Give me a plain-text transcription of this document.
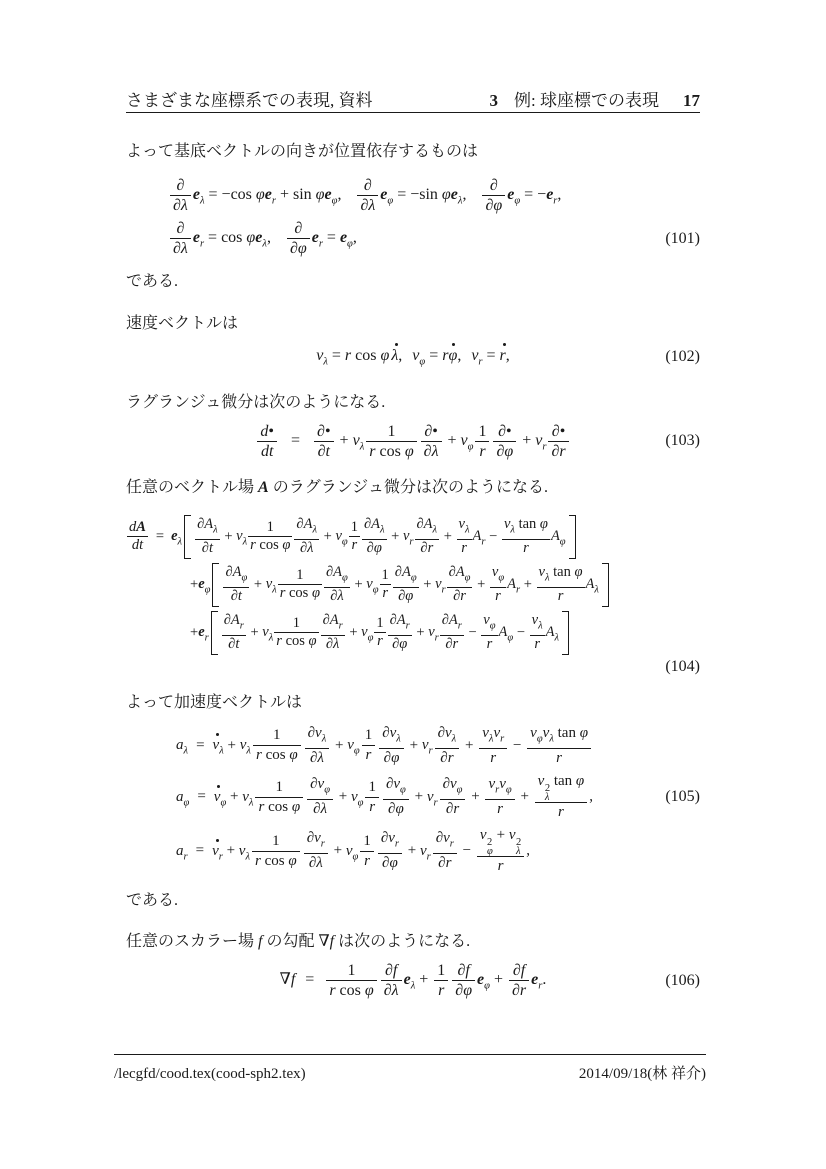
さまざまな座標系での表現, 資料	3 例: 球座標での表現 17
よって基底ベクトルの向きが位置依存するものは
$\frac{\partial}{\partial\lambda} e_\lambda = -\cos$ $\varphi e_r + \sin \varphi e_\varphi$, $\frac{\partial}{\partial\lambda} e_\varphi = -\sin$ $\varphi e_\lambda$, $\frac{\partial}{\partial\varphi} e_\varphi = -e_r$,
$\frac{\partial}{\partial\lambda} e_r = \cos \varphi e_\lambda$, $\frac{\partial}{\partial\varphi} e_r = e_\varphi$,	(101)
である.
速度ベクトルは
$v_\lambda = r$ cos φ λ
, $v_\varphi = r\varphi$
, $v_r = r$
,	(102)
ラグランジュ微分は次のようになる.
$\frac{d•}{dt} = \frac{\partial•}{\partial t} + v_\lambda \frac{1}{\text{r cos φ}} \frac{\partial•}{\partial\lambda} + v_\varphi \frac{1}{r} \frac{\partial•}{\partial\varphi} + v_r \frac{\partial•}{\partial r}$	(103)
任意のベクトル場 A のラグランジュ微分は次のようになる.
$\frac{dA}{dt} = e_\lambda \frac{\partial A_\lambda}{\partial t} + v_\lambda \frac{1}{\text{r cos φ}} \frac{\partial A_\lambda}{\partial\lambda} + v_\varphi \frac{1}{r} \frac{\partial A_\lambda}{\partial\varphi} + v_r \frac{\partial A_\lambda}{\partial r} + \frac{v_\lambda}{r} A_r - \frac{v_\lambda \tan \varphi}{r} A_\varphi$
$+e_\varphi \frac{\partial A_\varphi}{\partial t} + v_\lambda \frac{1}{\text{r cos φ}} \frac{\partial A_\varphi}{\partial\lambda} + v_\varphi \frac{1}{r} \frac{\partial A_\varphi}{\partial\varphi} + v_r \frac{\partial A_\varphi}{\partial r} + \frac{v_\varphi}{r} A_r + \frac{v_\lambda \tan \varphi}{r} A_\lambda$
$+e_r \frac{\partial A_r}{\partial t} + v_\lambda \frac{1}{\text{r cos φ}} \frac{\partial A_r}{\partial\lambda} + v_\varphi \frac{1}{r} \frac{\partial A_r}{\partial\varphi} + v_r \frac{\partial A_r}{\partial r} - \frac{v_\varphi}{r} A_\varphi - \frac{v_\lambda}{r} A_\lambda$
(104)
よって加速度ベクトルは
$a_\lambda = v$
$_\lambda + v_\lambda \frac{1}{\text{r cos φ}} \frac{\partial v_\lambda}{\partial\lambda} + v_\varphi \frac{1}{r} \frac{\partial v_\lambda}{\partial\varphi} + v_r \frac{\partial v_\lambda}{\partial r} + \frac{v_\lambda v_r}{r} - \frac{v_\varphi v_\lambda \tan \varphi}{r}$
$a_\varphi = v$
$_\varphi + v_\lambda \frac{1}{\text{r cos φ}} \frac{\partial v_\varphi}{\partial\lambda} + v_\varphi \frac{1}{r} \frac{\partial v_\varphi}{\partial\varphi} + v_r \frac{\partial v_\varphi}{\partial r} + \frac{v_rv_\varphi}{r} + v$ 2
λ
tan φ
r ,	(105)
$a_r = v$
$_r + v_\lambda \frac{1}{\text{r cos φ}} \frac{\partial v_r}{\partial\lambda} + v_\varphi \frac{1}{r} \frac{\partial v_r}{\partial\varphi} + v_r \frac{\partial v_r}{\partial r} - v$ 2
φ
+ v 2
λ
r ,
である.
任意のスカラー場 f の勾配 ∇f は次のようになる.
$\nabla f = \frac{1}{\text{r cos φ}} \frac{\partial f}{\partial\lambda} e_\lambda + \frac{1}{r} \frac{\partial f}{\partial\varphi} e_\varphi + \frac{\partial f}{\partial r} e_r$.	(106)
/lecgfd/cood.tex(cood-sph2.tex)	2014/09/18(林 祥介)
